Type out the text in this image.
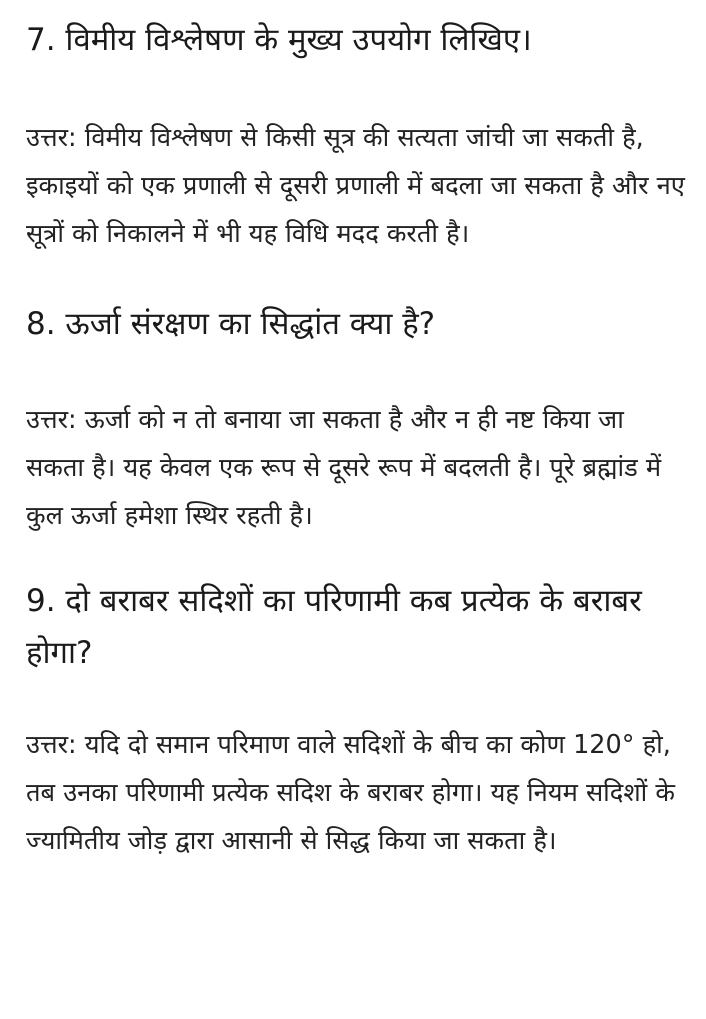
7. विमीय विश्लेषण के मुख्य उपयोग लिखिए।

उत्तर: विमीय विश्लेषण से किसी सूत्र की सत्यता जांची जा सकती है, इकाइयों को एक प्रणाली से दूसरी प्रणाली में बदला जा सकता है और नए सूत्रों को निकालने में भी यह विधि मदद करती है।

8. ऊर्जा संरक्षण का सिद्धांत क्या है?

उत्तर: ऊर्जा को न तो बनाया जा सकता है और न ही नष्ट किया जा सकता है। यह केवल एक रूप से दूसरे रूप में बदलती है। पूरे ब्रह्मांड में कुल ऊर्जा हमेशा स्थिर रहती है।

9. दो बराबर सदिशों का परिणामी कब प्रत्येक के बराबर होगा?

उत्तर: यदि दो समान परिमाण वाले सदिशों के बीच का कोण 120° हो, तब उनका परिणामी प्रत्येक सदिश के बराबर होगा। यह नियम सदिशों के ज्यामितीय जोड़ द्वारा आसानी से सिद्ध किया जा सकता है।
